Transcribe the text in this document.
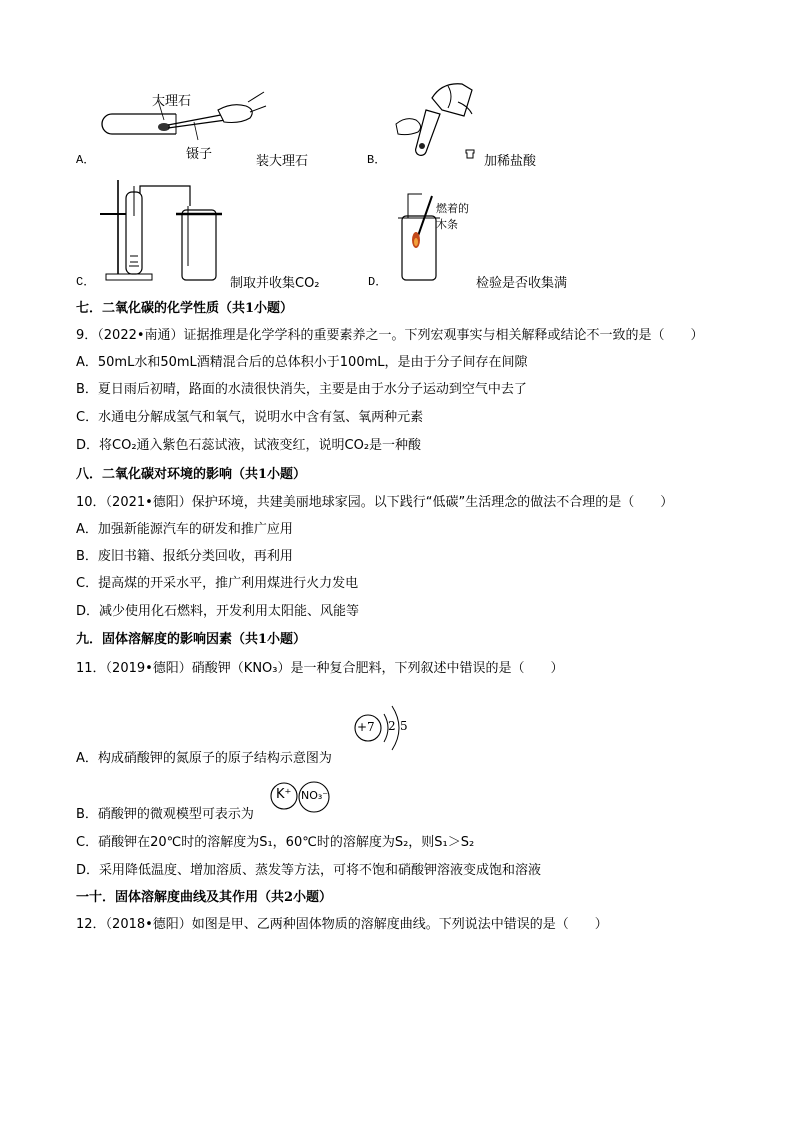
大理石
镊子
A．	装大理石	B．	加稀盐酸
C．	制取并收集CO₂
燃着的
木条
D．	检验是否收集满
七．二氧化碳的化学性质（共1小题）
9．（2022•南通）证据推理是化学学科的重要素养之一。下列宏观事实与相关解释或结论不一致的是（　　）
A．50mL水和50mL酒精混合后的总体积小于100mL，是由于分子间存在间隙
B．夏日雨后初晴，路面的水渍很快消失，主要是由于水分子运动到空气中去了
C．水通电分解成氢气和氧气，说明水中含有氢、氧两种元素
D．将CO₂通入紫色石蕊试液，试液变红，说明CO₂是一种酸
八．二氧化碳对环境的影响（共1小题）
10．（2021•德阳）保护环境，共建美丽地球家园。以下践行“低碳”生活理念的做法不合理的是（　　）
A．加强新能源汽车的研发和推广应用
B．废旧书籍、报纸分类回收，再利用
C．提高煤的开采水平，推广利用煤进行火力发电
D．减少使用化石燃料，开发利用太阳能、风能等
九．固体溶解度的影响因素（共1小题）
11．（2019•德阳）硝酸钾（KNO₃）是一种复合肥料，下列叙述中错误的是（　　）
+7 2 5
A．构成硝酸钾的氮原子的原子结构示意图为
K⁺ NO₃⁻
B．硝酸钾的微观模型可表示为
C．硝酸钾在20℃时的溶解度为S₁，60℃时的溶解度为S₂，则S₁＞S₂
D．采用降低温度、增加溶质、蒸发等方法，可将不饱和硝酸钾溶液变成饱和溶液
一十．固体溶解度曲线及其作用（共2小题）
12．（2018•德阳）如图是甲、乙两种固体物质的溶解度曲线。下列说法中错误的是（　　）
